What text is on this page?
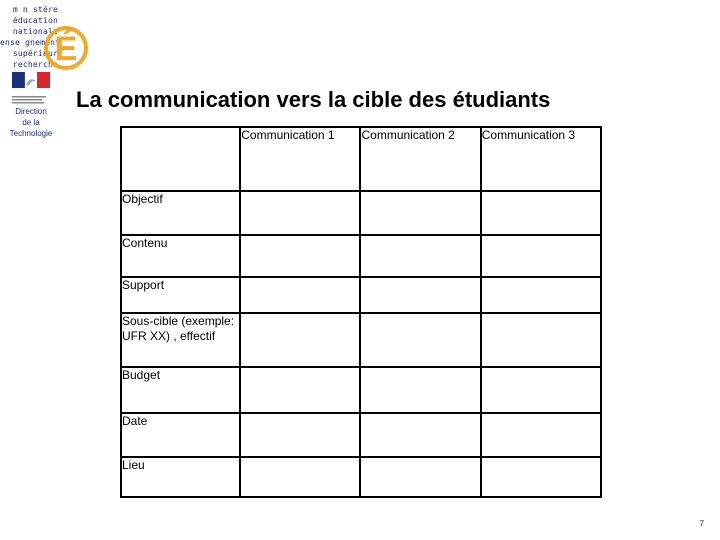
m n stère
éducation
nationale
ense gnement
supérieur
recherche
É
Direction
de la
Technologie
La communication vers la cible des étudiants
	Communication 1	Communication 2	Communication 3
Objectif			
Contenu			
Support			
Sous-cible (exemple: UFR XX) , effectif			
Budget			
Date			
Lieu			
7
